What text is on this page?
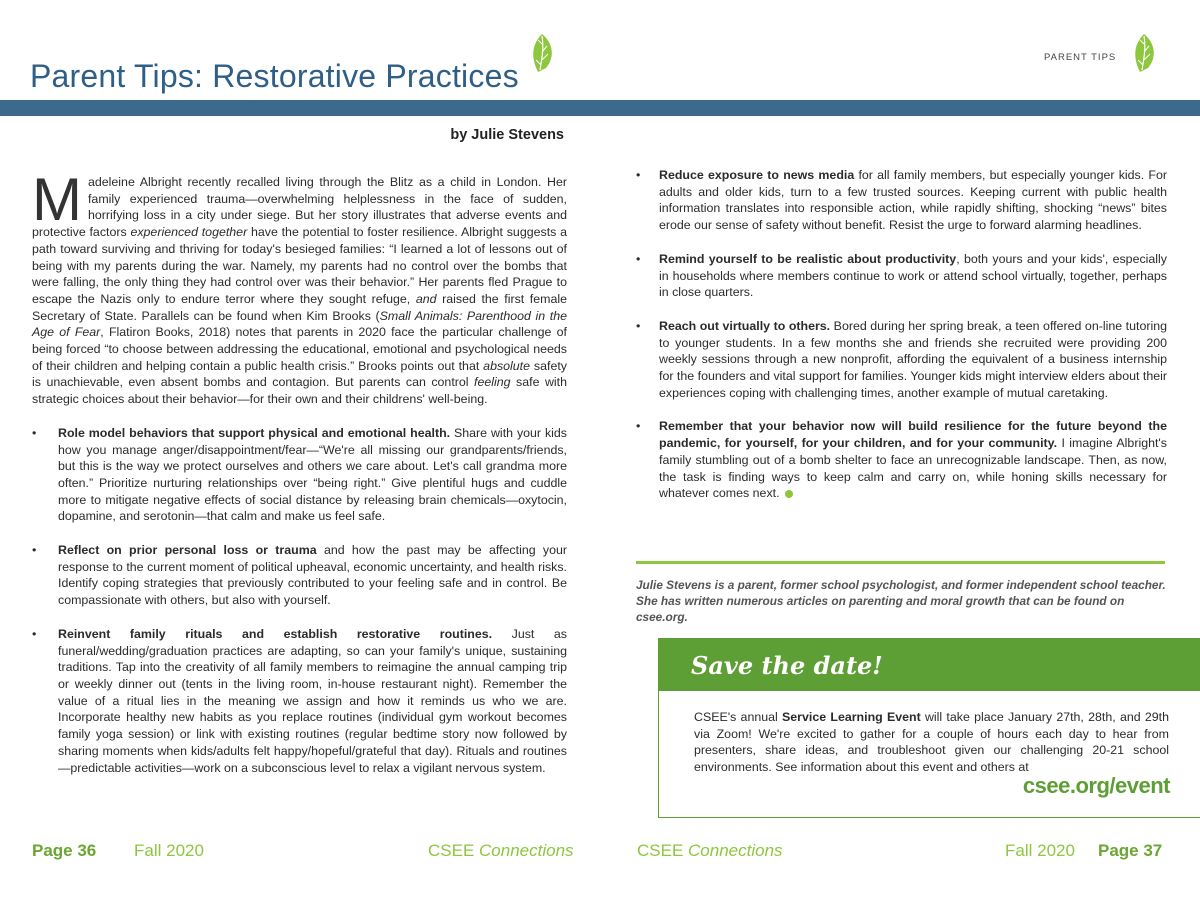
Parent Tips: Restorative Practices
PARENT TIPS
by Julie Stevens

Madeleine Albright recently recalled living through the Blitz as a child in London. Her family experienced trauma—overwhelming helplessness in the face of sudden, horrifying loss in a city under siege. But her story illustrates that adverse events and protective factors experienced together have the potential to foster resilience. Albright suggests a path toward surviving and thriving for today's besieged families: “I learned a lot of lessons out of being with my parents during the war. Namely, my parents had no control over the bombs that were falling, the only thing they had control over was their behavior.” Her parents fled Prague to escape the Nazis only to endure terror where they sought refuge, and raised the first female Secretary of State. Parallels can be found when Kim Brooks (Small Animals: Parenthood in the Age of Fear, Flatiron Books, 2018) notes that parents in 2020 face the particular challenge of being forced “to choose between addressing the educational, emotional and psychological needs of their children and helping contain a public health crisis.” Brooks points out that absolute safety is unachievable, even absent bombs and contagion. But parents can control feeling safe with strategic choices about their behavior—for their own and their childrens' well-being.

• Role model behaviors that support physical and emotional health. Share with your kids how you manage anger/disappointment/fear—“We're all missing our grandparents/friends, but this is the way we protect ourselves and others we care about. Let's call grandma more often.” Prioritize nurturing relationships over “being right.” Give plentiful hugs and cuddle more to mitigate negative effects of social distance by releasing brain chemicals—oxytocin, dopamine, and serotonin—that calm and make us feel safe.
• Reflect on prior personal loss or trauma and how the past may be affecting your response to the current moment of political upheaval, economic uncertainty, and health risks. Identify coping strategies that previously contributed to your feeling safe and in control. Be compassionate with others, but also with yourself.
• Reinvent family rituals and establish restorative routines. Just as funeral/wedding/graduation practices are adapting, so can your family's unique, sustaining traditions. Tap into the creativity of all family members to reimagine the annual camping trip or weekly dinner out (tents in the living room, in-house restaurant night). Remember the value of a ritual lies in the meaning we assign and how it reminds us who we are. Incorporate healthy new habits as you replace routines (individual gym workout becomes family yoga session) or link with existing routines (regular bedtime story now followed by sharing moments when kids/adults felt happy/hopeful/grateful that day). Rituals and routines—predictable activities—work on a subconscious level to relax a vigilant nervous system.
• Reduce exposure to news media for all family members, but especially younger kids. For adults and older kids, turn to a few trusted sources. Keeping current with public health information translates into responsible action, while rapidly shifting, shocking “news” bites erode our sense of safety without benefit. Resist the urge to forward alarming headlines.
• Remind yourself to be realistic about productivity, both yours and your kids', especially in households where members continue to work or attend school virtually, together, perhaps in close quarters.
• Reach out virtually to others. Bored during her spring break, a teen offered on-line tutoring to younger students. In a few months she and friends she recruited were providing 200 weekly sessions through a new nonprofit, affording the equivalent of a business internship for the founders and vital support for families. Younger kids might interview elders about their experiences coping with challenging times, another example of mutual caretaking.
• Remember that your behavior now will build resilience for the future beyond the pandemic, for yourself, for your children, and for your community. I imagine Albright's family stumbling out of a bomb shelter to face an unrecognizable landscape. Then, as now, the task is finding ways to keep calm and carry on, while honing skills necessary for whatever comes next.
Julie Stevens is a parent, former school psychologist, and former independent school teacher. She has written numerous articles on parenting and moral growth that can be found on csee.org.
Save the date!
CSEE's annual Service Learning Event will take place January 27th, 28th, and 29th via Zoom! We're excited to gather for a couple of hours each day to hear from presenters, share ideas, and troubleshoot given our challenging 20-21 school environments. See information about this event and others at
csee.org/event
Page 36 Fall 2020	CSEE Connections	CSEE Connections	Fall 2020 Page 37
